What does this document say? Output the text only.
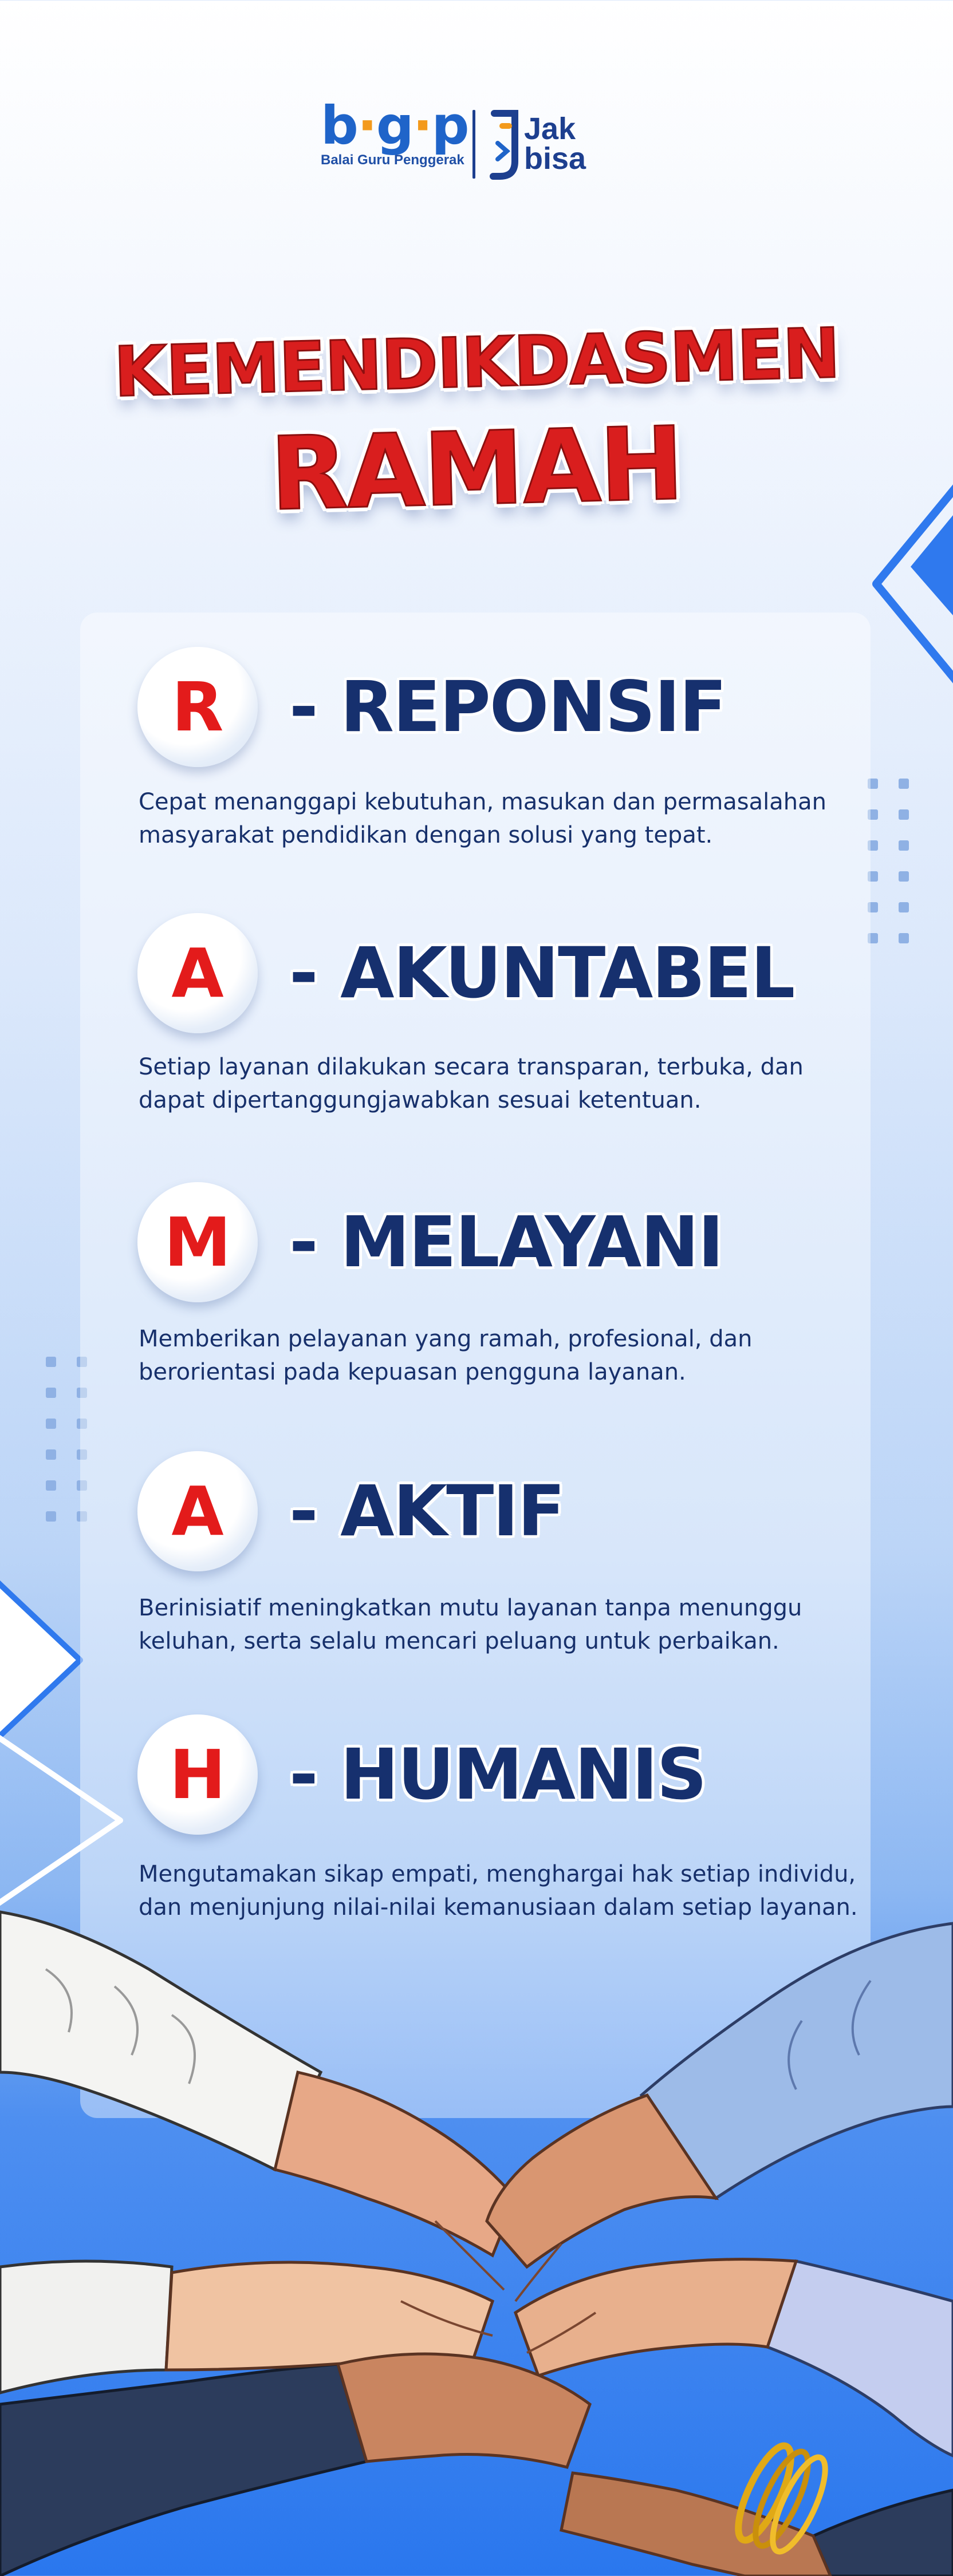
b·g·p
Balai Guru Penggerak
Jak
bisa
KEMENDIKDASMEN
RAMAH
R - REPONSIF
Cepat menanggapi kebutuhan, masukan dan permasalahan
masyarakat pendidikan dengan solusi yang tepat.
A - AKUNTABEL
Setiap layanan dilakukan secara transparan, terbuka, dan
dapat dipertanggungjawabkan sesuai ketentuan.
M - MELAYANI
Memberikan pelayanan yang ramah, profesional, dan
berorientasi pada kepuasan pengguna layanan.
A - AKTIF
Berinisiatif meningkatkan mutu layanan tanpa menunggu
keluhan, serta selalu mencari peluang untuk perbaikan.
H - HUMANIS
Mengutamakan sikap empati, menghargai hak setiap individu,
dan menjunjung nilai-nilai kemanusiaan dalam setiap layanan.
